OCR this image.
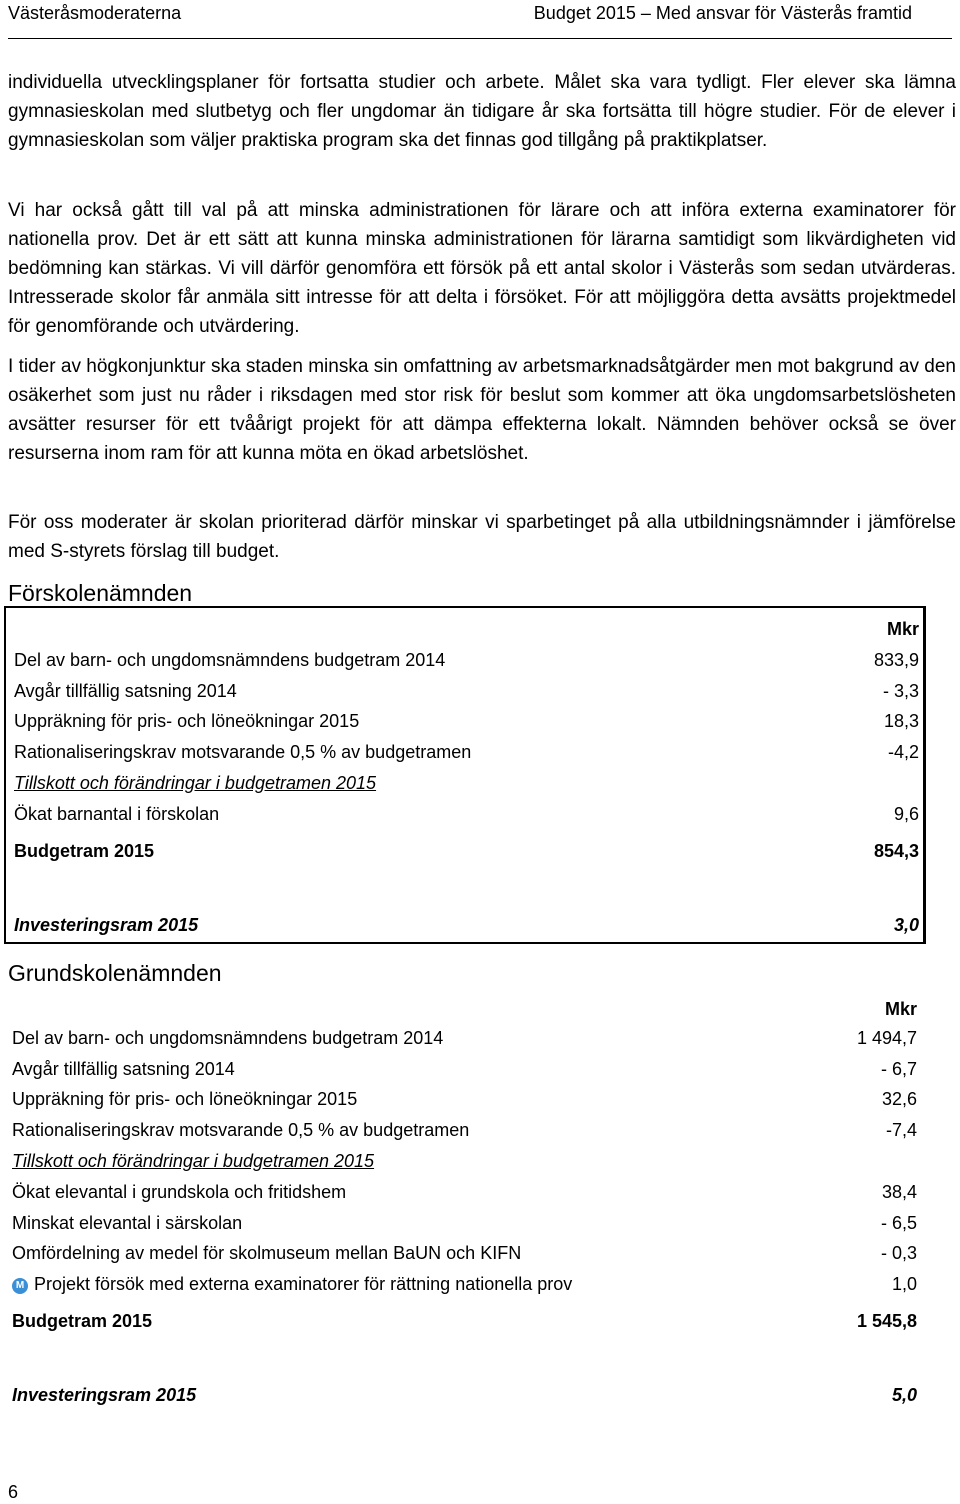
Västeråsmoderaterna	Budget 2015 – Med ansvar för Västerås framtid

individuella utvecklingsplaner för fortsatta studier och arbete. Målet ska vara tydligt. Fler elever ska lämna gymnasieskolan med slutbetyg och fler ungdomar än tidigare år ska fortsätta till högre studier. För de elever i gymnasieskolan som väljer praktiska program ska det finnas god tillgång på praktikplatser.

Vi har också gått till val på att minska administrationen för lärare och att införa externa examinatorer för nationella prov. Det är ett sätt att kunna minska administrationen för lärarna samtidigt som likvärdigheten vid bedömning kan stärkas. Vi vill därför genomföra ett försök på ett antal skolor i Västerås som sedan utvärderas. Intresserade skolor får anmäla sitt intresse för att delta i försöket. För att möjliggöra detta avsätts projektmedel för genomförande och utvärdering.

I tider av högkonjunktur ska staden minska sin omfattning av arbetsmarknadsåtgärder men mot bakgrund av den osäkerhet som just nu råder i riksdagen med stor risk för beslut som kommer att öka ungdomsarbetslösheten avsätter resurser för ett tvåårigt projekt för att dämpa effekterna lokalt. Nämnden behöver också se över resurserna inom ram för att kunna möta en ökad arbetslöshet.

För oss moderater är skolan prioriterad därför minskar vi sparbetinget på alla utbildningsnämnder i jämförelse med S-styrets förslag till budget.

Förskolenämnden
Mkr
Del av barn- och ungdomsnämndens budgetram 2014	833,9
Avgår tillfällig satsning 2014	- 3,3
Uppräkning för pris- och löneökningar 2015	18,3
Rationaliseringskrav motsvarande 0,5 % av budgetramen	-4,2
Tillskott och förändringar i budgetramen 2015
Ökat barnantal i förskolan	9,6
Budgetram 2015	854,3
Investeringsram 2015	3,0
Grundskolenämnden
Mkr
Del av barn- och ungdomsnämndens budgetram 2014	1 494,7
Avgår tillfällig satsning 2014	- 6,7
Uppräkning för pris- och löneökningar 2015	32,6
Rationaliseringskrav motsvarande 0,5 % av budgetramen	-7,4
Tillskott och förändringar i budgetramen 2015
Ökat elevantal i grundskola och fritidshem	38,4
Minskat elevantal i särskolan	- 6,5
Omfördelning av medel för skolmuseum mellan BaUN och KIFN	- 0,3
M Projekt försök med externa examinatorer för rättning nationella prov	1,0
Budgetram 2015	1 545,8
Investeringsram 2015	5,0
6
